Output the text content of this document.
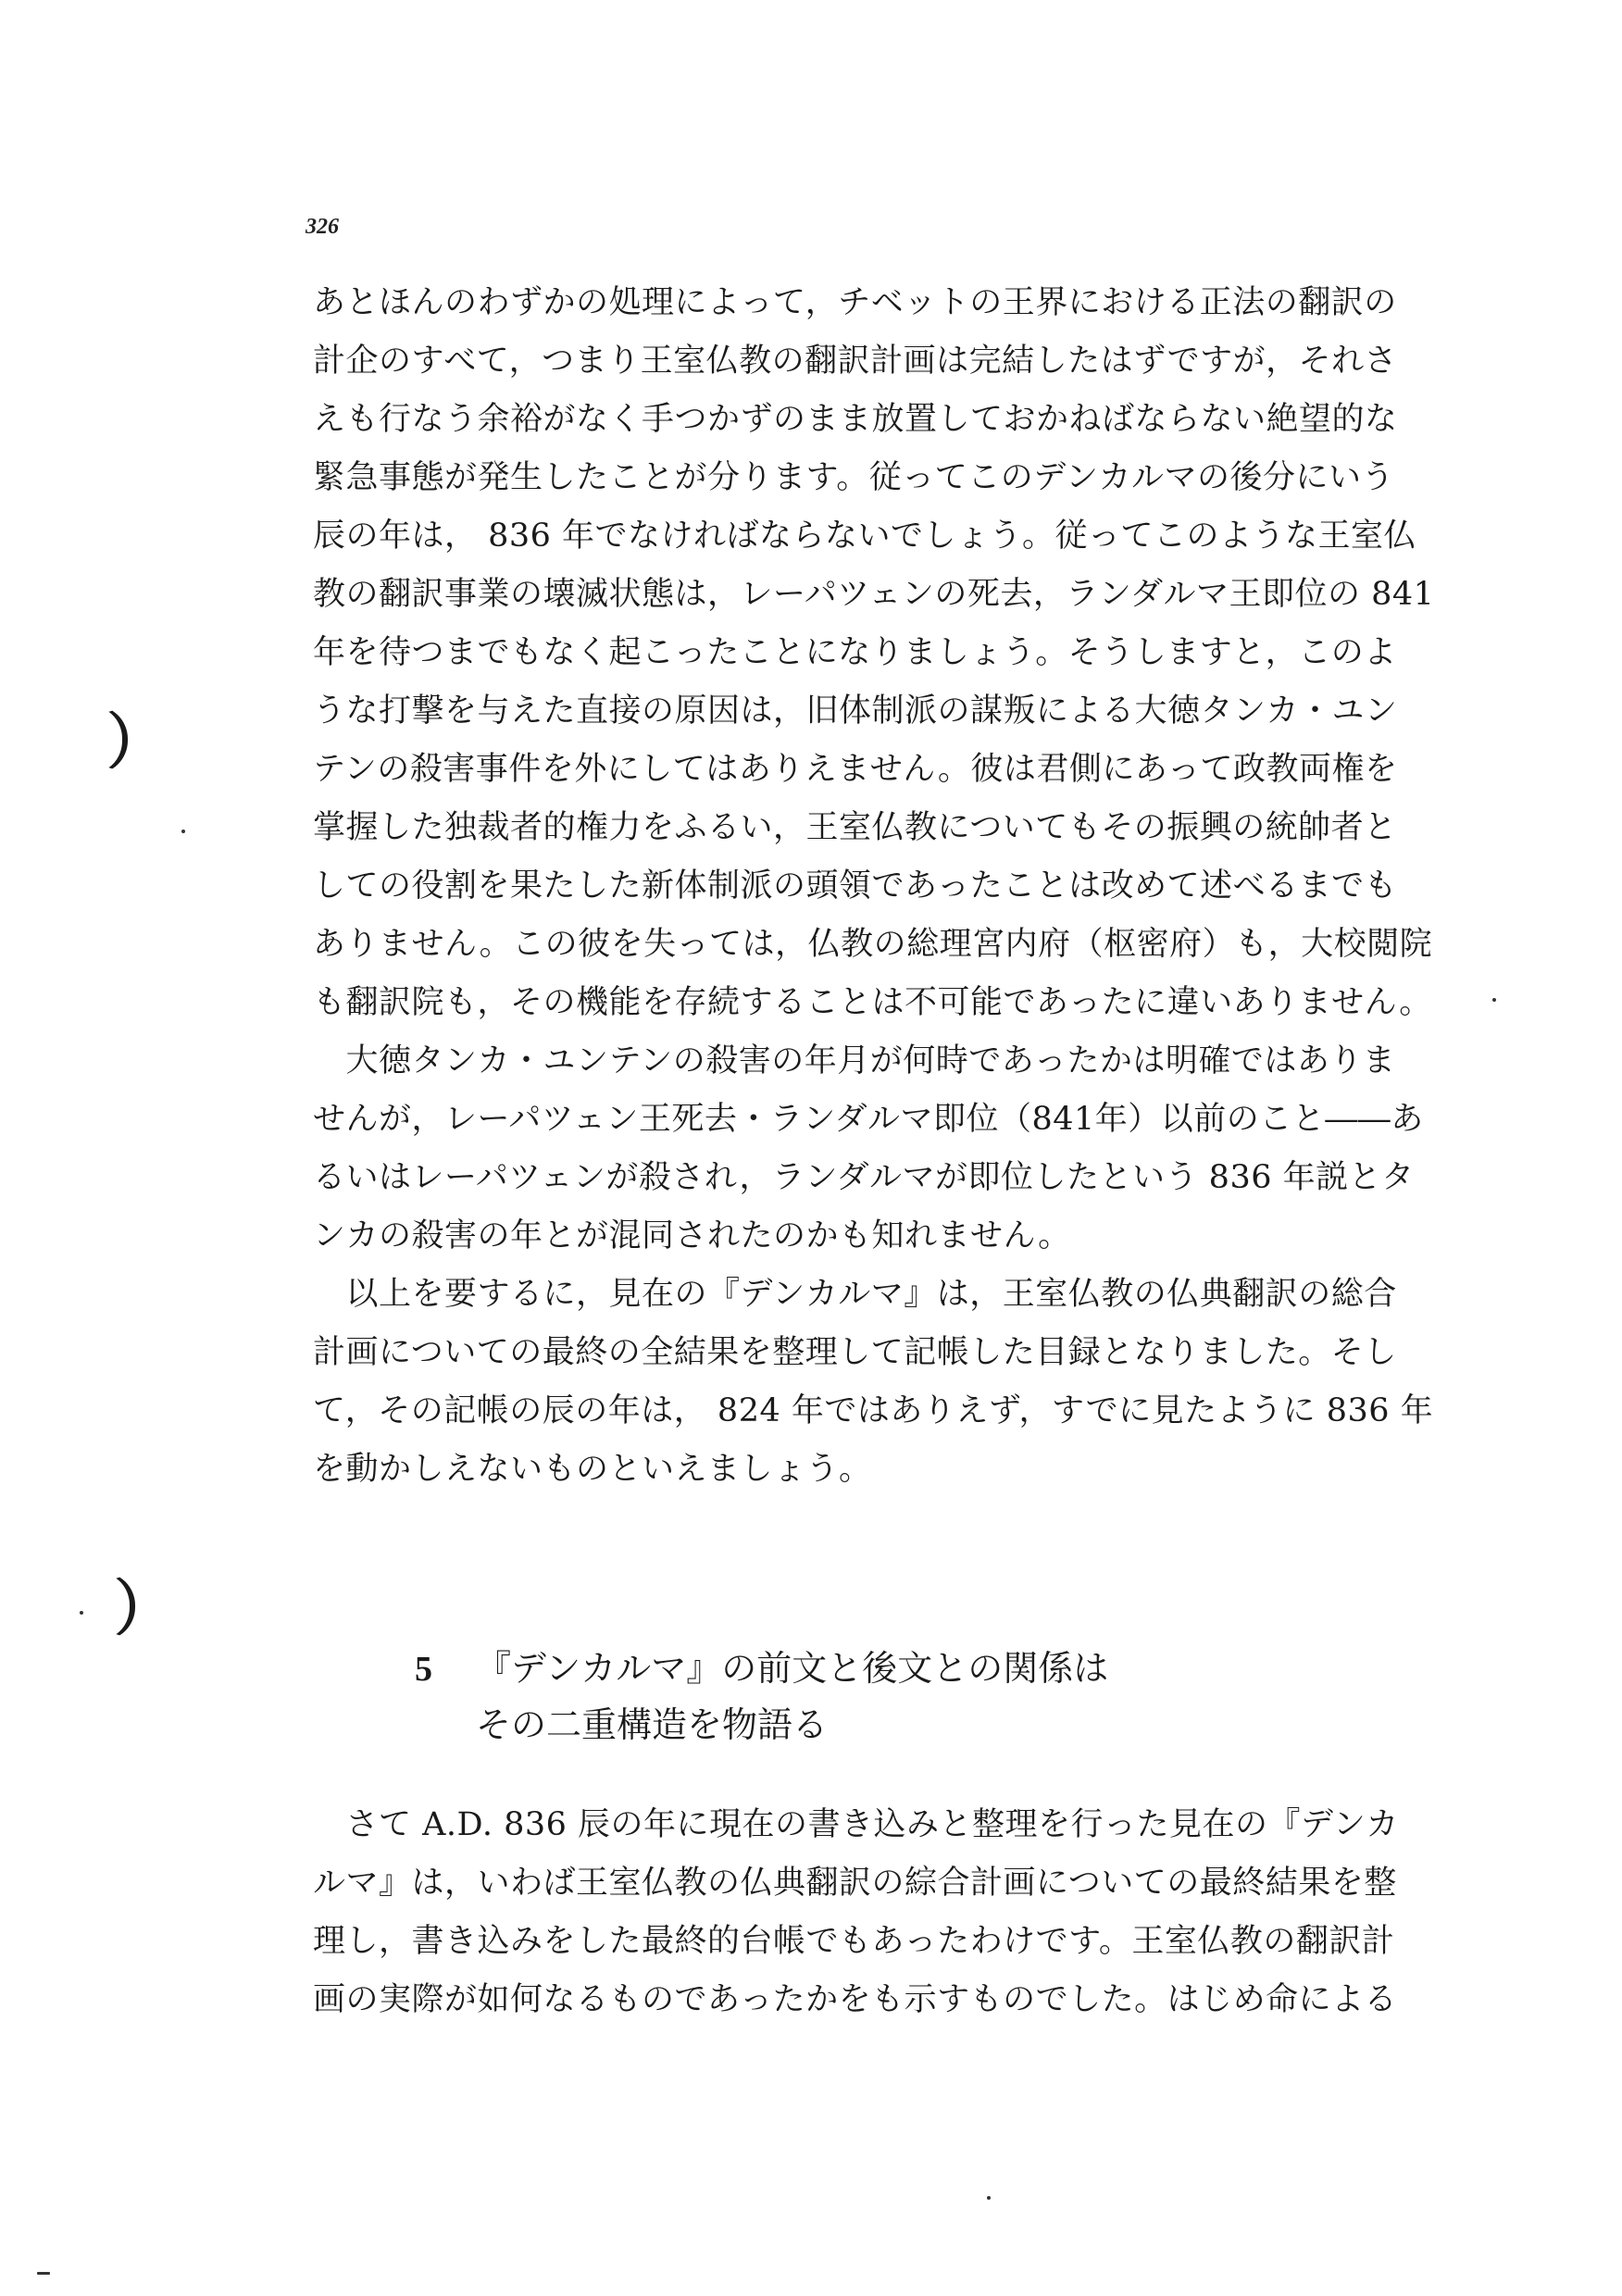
326
あとほんのわずかの処理によって，チベットの王界における正法の翻訳の
計企のすべて，つまり王室仏教の翻訳計画は完結したはずですが，それさ
えも行なう余裕がなく手つかずのまま放置しておかねばならない絶望的な
緊急事態が発生したことが分ります。従ってこのデンカルマの後分にいう
辰の年は， 836 年でなければならないでしょう。従ってこのような王室仏
教の翻訳事業の壊滅状態は，レーパツェンの死去，ランダルマ王即位の 841
年を待つまでもなく起こったことになりましょう。そうしますと，このよ
うな打撃を与えた直接の原因は，旧体制派の謀叛による大徳タンカ・ユン
テンの殺害事件を外にしてはありえません。彼は君側にあって政教両権を
掌握した独裁者的権力をふるい，王室仏教についてもその振興の統帥者と
しての役割を果たした新体制派の頭領であったことは改めて述べるまでも
ありません。この彼を失っては，仏教の総理宮内府（枢密府）も，大校閲院
も翻訳院も，その機能を存続することは不可能であったに違いありません。
　大徳タンカ・ユンテンの殺害の年月が何時であったかは明確ではありま
せんが，レーパツェン王死去・ランダルマ即位（841年）以前のこと――あ
るいはレーパツェンが殺され，ランダルマが即位したという 836 年説とタ
ンカの殺害の年とが混同されたのかも知れません。
　以上を要するに，見在の『デンカルマ』は，王室仏教の仏典翻訳の総合
計画についての最終の全結果を整理して記帳した目録となりました。そし
て，その記帳の辰の年は， 824 年ではありえず，すでに見たように 836 年
を動かしえないものといえましょう。
5 『デンカルマ』の前文と後文との関係は
その二重構造を物語る
　さて A.D. 836 辰の年に現在の書き込みと整理を行った見在の『デンカ
ルマ』は，いわば王室仏教の仏典翻訳の綜合計画についての最終結果を整
理し，書き込みをした最終的台帳でもあったわけです。王室仏教の翻訳計
画の実際が如何なるものであったかをも示すものでした。はじめ命による
